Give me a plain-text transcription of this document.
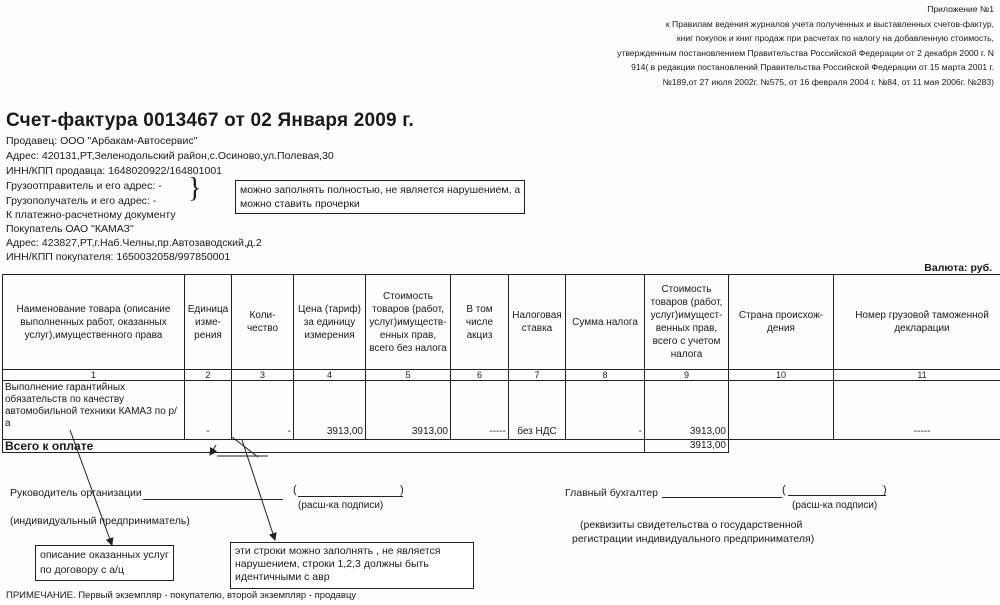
Приложение №1
к Правилам ведения журналов учета полученных и выставленных счетов-фактур,
книг покупок и книг продаж при расчетах по налогу на добавленную стоимость,
утвержденным постановлением Правительства Российской Федерации от 2 декабря 2000 г. N
914( в редакции постановлений Правительства Российской Федерации от 15 марта 2001 г.
№189,от 27 июля 2002г. №575, от 16 февраля 2004 г. №84, от 11 мая 2006г. №283)
Счет-фактура 0013467 от 02 Января 2009 г.
Продавец: ООО "Арбакам-Автосервис"
Адрес: 420131,РТ,Зеленодольский район,с.Осиново,ул.Полевая,30
ИНН/КПП продавца: 1648020922/164801001
Грузоотправитель и его адрес: -
Грузополучатель и его адрес: -
К платежно-расчетному документу
Покупатель ОАО "КАМАЗ"
Адрес: 423827,РТ,г.Наб.Челны,пр.Автозаводский,д.2
ИНН/КПП покупателя: 1650032058/997850001
}	можно заполнять полностью, не является нарушением, а
можно ставить прочерки
Валюта: руб.
Наименование товара (описание выполненных работ, оказанных услуг),имущественного права	Единица изме-рения	Коли-чество	Цена (тариф) за единицу измерения	Стоимость товаров (работ, услуг)имуществ-енных прав, всего без налога	В том числе акциз	Налоговая ставка	Сумма налога	Стоимость товаров (работ, услуг)имущест-венных прав, всего с учетом налога	Страна происхож-дения	Номер грузовой таможенной декларации
1	2	3	4	5	6	7	8	9	10	11
Выполнение гарантийных обязательств по качеству автомобильной техники КАМАЗ по р/а	-	-	3913,00	3913,00	-----	без НДС	-	3913,00		-----
Всего к оплате								3913,00		
Руководитель организации	(	)
(расш-ка подписи)
(индивидуальный предприниматель)
Главный бухгалтер	(	)
(расш-ка подписи)
(реквизиты свидетельства о государственной
регистрации индивидуального предпринимателя)
описание оказанных услуг
по договору с а/ц
эти строки можно заполнять , не является
нарушением, строки 1,2,3 должны быть
идентичными с авр
ПРИМЕЧАНИЕ. Первый экземпляр - покупателю, второй экземпляр - продавцу
